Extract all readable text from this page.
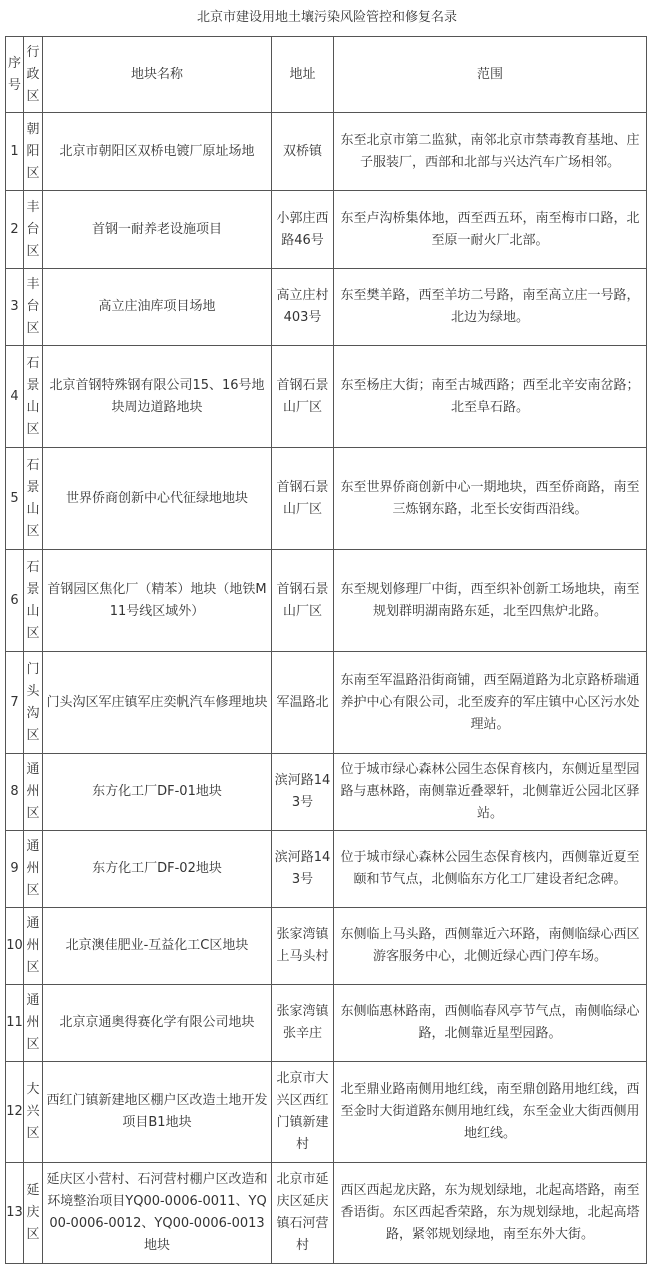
北京市建设用地土壤污染风险管控和修复名录
序号	行政区	地块名称	地址	范围
1	朝阳区	北京市朝阳区双桥电镀厂原址场地	双桥镇	东至北京市第二监狱，南邻北京市禁毒教育基地、庄子服装厂，西部和北部与兴达汽车广场相邻。
2	丰台区	首钢一耐养老设施项目	小郭庄西路46号	东至卢沟桥集体地，西至西五环，南至梅市口路，北至原一耐火厂北部。
3	丰台区	高立庄油库项目场地	高立庄村403号	东至樊羊路，西至羊坊二号路，南至高立庄一号路，北边为绿地。
4	石景山区	北京首钢特殊钢有限公司15、16号地块周边道路地块	首钢石景山厂区	东至杨庄大街；南至古城西路；西至北辛安南岔路；北至阜石路。
5	石景山区	世界侨商创新中心代征绿地地块	首钢石景山厂区	东至世界侨商创新中心一期地块，西至侨商路，南至三炼钢东路，北至长安街西沿线。
6	石景山区	首钢园区焦化厂（精苯）地块（地铁M11号线区域外）	首钢石景山厂区	东至规划修理厂中街，西至织补创新工场地块，南至规划群明湖南路东延，北至四焦炉北路。
7	门头沟区	门头沟区军庄镇军庄奕帆汽车修理地块	军温路北	东南至军温路沿街商铺，西至隔道路为北京路桥瑞通养护中心有限公司，北至废弃的军庄镇中心区污水处理站。
8	通州区	东方化工厂DF-01地块	滨河路143号	位于城市绿心森林公园生态保育核内，东侧近星型园路与惠林路，南侧靠近叠翠轩，北侧靠近公园北区驿站。
9	通州区	东方化工厂DF-02地块	滨河路143号	位于城市绿心森林公园生态保育核内，西侧靠近夏至颐和节气点，北侧临东方化工厂建设者纪念碑。
10	通州区	北京澳佳肥业-互益化工C区地块	张家湾镇上马头村	东侧临上马头路，西侧靠近六环路，南侧临绿心西区游客服务中心，北侧近绿心西门停车场。
11	通州区	北京京通奥得赛化学有限公司地块	张家湾镇张辛庄	东侧临惠林路南，西侧临春风亭节气点，南侧临绿心路，北侧靠近星型园路。
12	大兴区	西红门镇新建地区棚户区改造土地开发项目B1地块	北京市大兴区西红门镇新建村	北至鼎业路南侧用地红线，南至鼎创路用地红线，西至金时大街道路东侧用地红线，东至金业大街西侧用地红线。
13	延庆区	延庆区小营村、石河营村棚户区改造和环境整治项目YQ00-0006-0011、YQ00-0006-0012、YQ00-0006-0013地块	北京市延庆区延庆镇石河营村	西区西起龙庆路，东为规划绿地，北起高塔路，南至香语街。东区西起香荣路，东为规划绿地，北起高塔路，紧邻规划绿地，南至东外大街。
